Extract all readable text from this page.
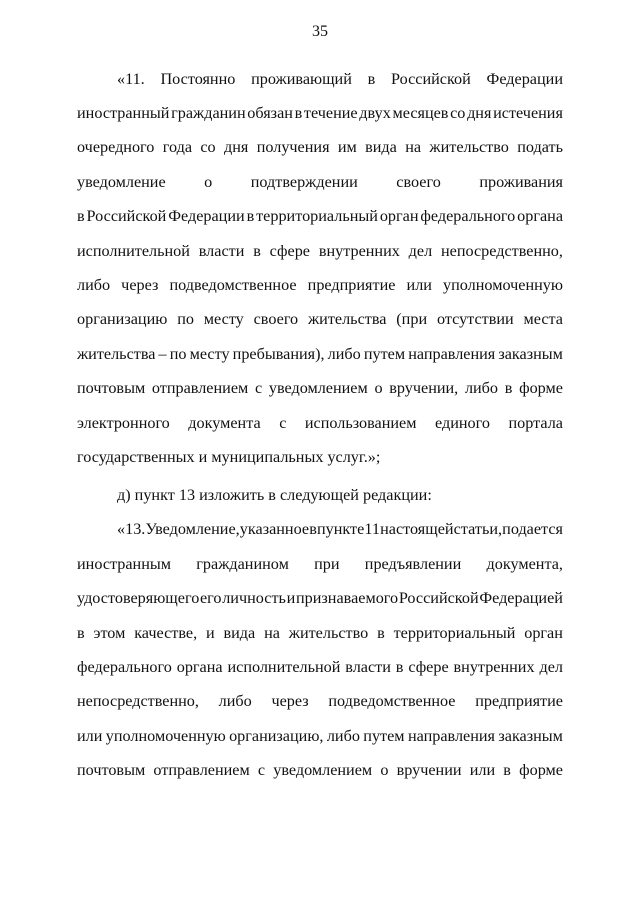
35
«11. Постоянно проживающий в Российской Федерации
иностранный гражданин обязан в течение двух месяцев со дня истечения
очередного года со дня получения им вида на жительство подать
уведомление о подтверждении своего проживания
в Российской Федерации в территориальный орган федерального органа
исполнительной власти в сфере внутренних дел непосредственно,
либо через подведомственное предприятие или уполномоченную
организацию по месту своего жительства (при отсутствии места
жительства – по месту пребывания), либо путем направления заказным
почтовым отправлением с уведомлением о вручении, либо в форме
электронного документа с использованием единого портала
государственных и муниципальных услуг.»;
д) пункт 13 изложить в следующей редакции:
«13. Уведомление, указанное в пункте 11 настоящей статьи, подается
иностранным гражданином при предъявлении документа,
удостоверяющего его личность и признаваемого Российской Федерацией
в этом качестве, и вида на жительство в территориальный орган
федерального органа исполнительной власти в сфере внутренних дел
непосредственно, либо через подведомственное предприятие
или уполномоченную организацию, либо путем направления заказным
почтовым отправлением с уведомлением о вручении или в форме
